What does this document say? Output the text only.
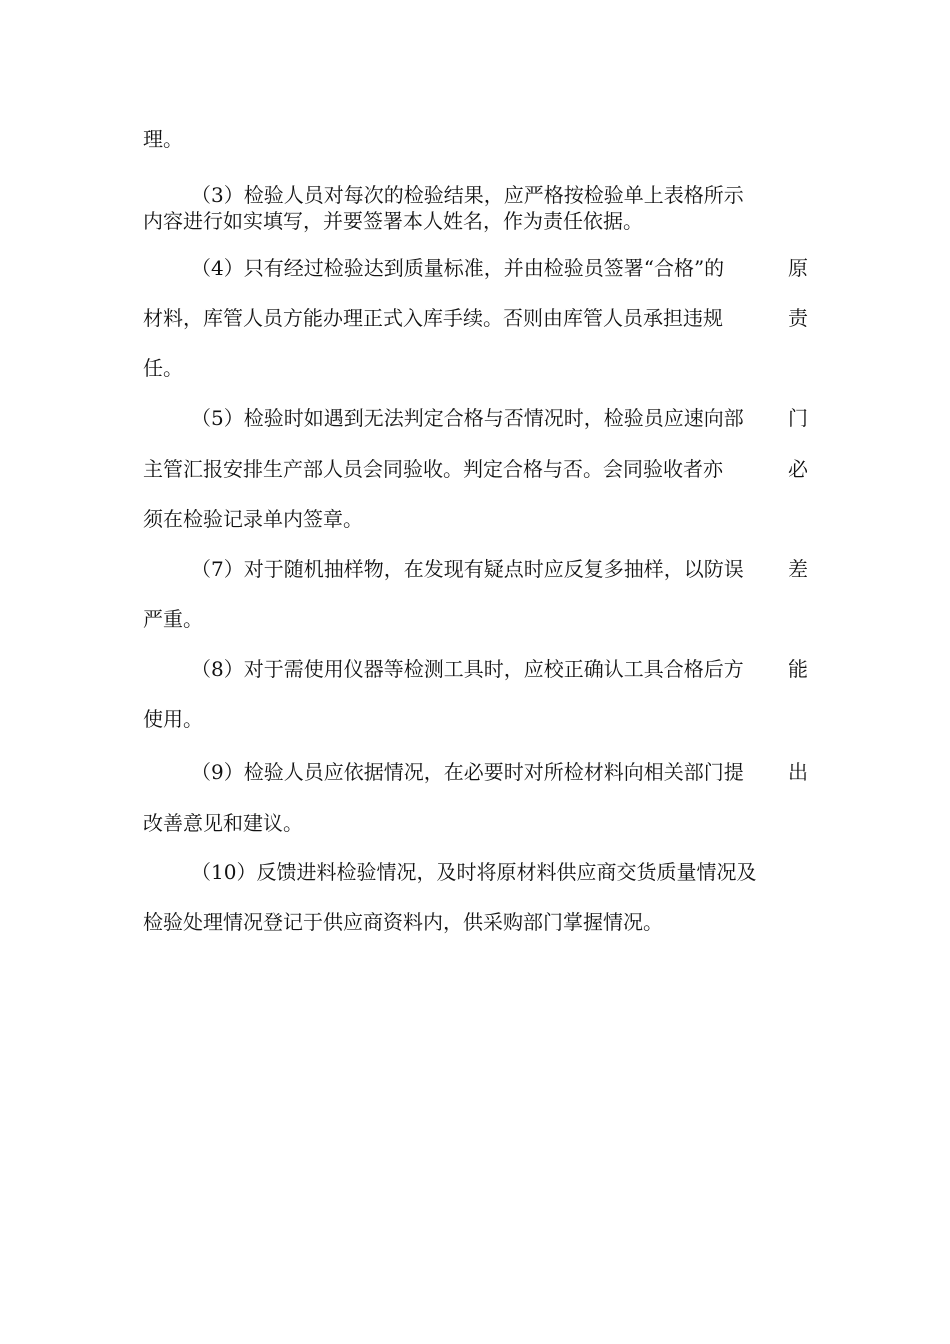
理。
（3）检验人员对每次的检验结果，应严格按检验单上表格所示
内容进行如实填写，并要签署本人姓名，作为责任依据。
（4）只有经过检验达到质量标准，并由检验员签署“合格”的	原
材料，库管人员方能办理正式入库手续。否则由库管人员承担违规	责
任。
（5）检验时如遇到无法判定合格与否情况时，检验员应速向部 门
主管汇报安排生产部人员会同验收。判定合格与否。会同验收者亦	必
须在检验记录单内签章。
（7）对于随机抽样物，在发现有疑点时应反复多抽样，以防误 差
严重。
（8）对于需使用仪器等检测工具时，应校正确认工具合格后方 能
使用。
（9）检验人员应依据情况，在必要时对所检材料向相关部门提 出
改善意见和建议。
（10）反馈进料检验情况，及时将原材料供应商交货质量情况及
检验处理情况登记于供应商资料内，供采购部门掌握情况。
